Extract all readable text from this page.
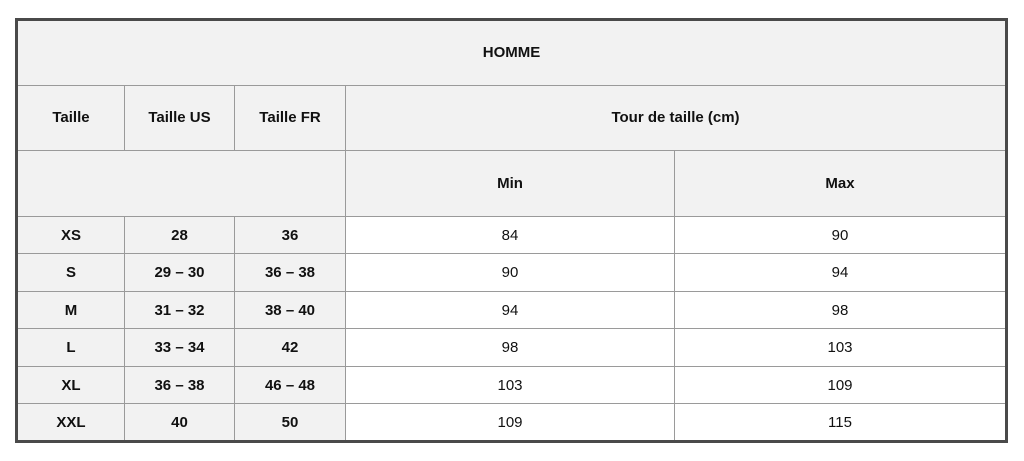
HOMME				
Taille	Taille US	Taille FR	Tour de taille (cm)	
			Min	Max
XS	28	36	84	90
S	29 – 30	36 – 38	90	94
M	31 – 32	38 – 40	94	98
L	33 – 34	42	98	103
XL	36 – 38	46 – 48	103	109
XXL	40	50	109	115
